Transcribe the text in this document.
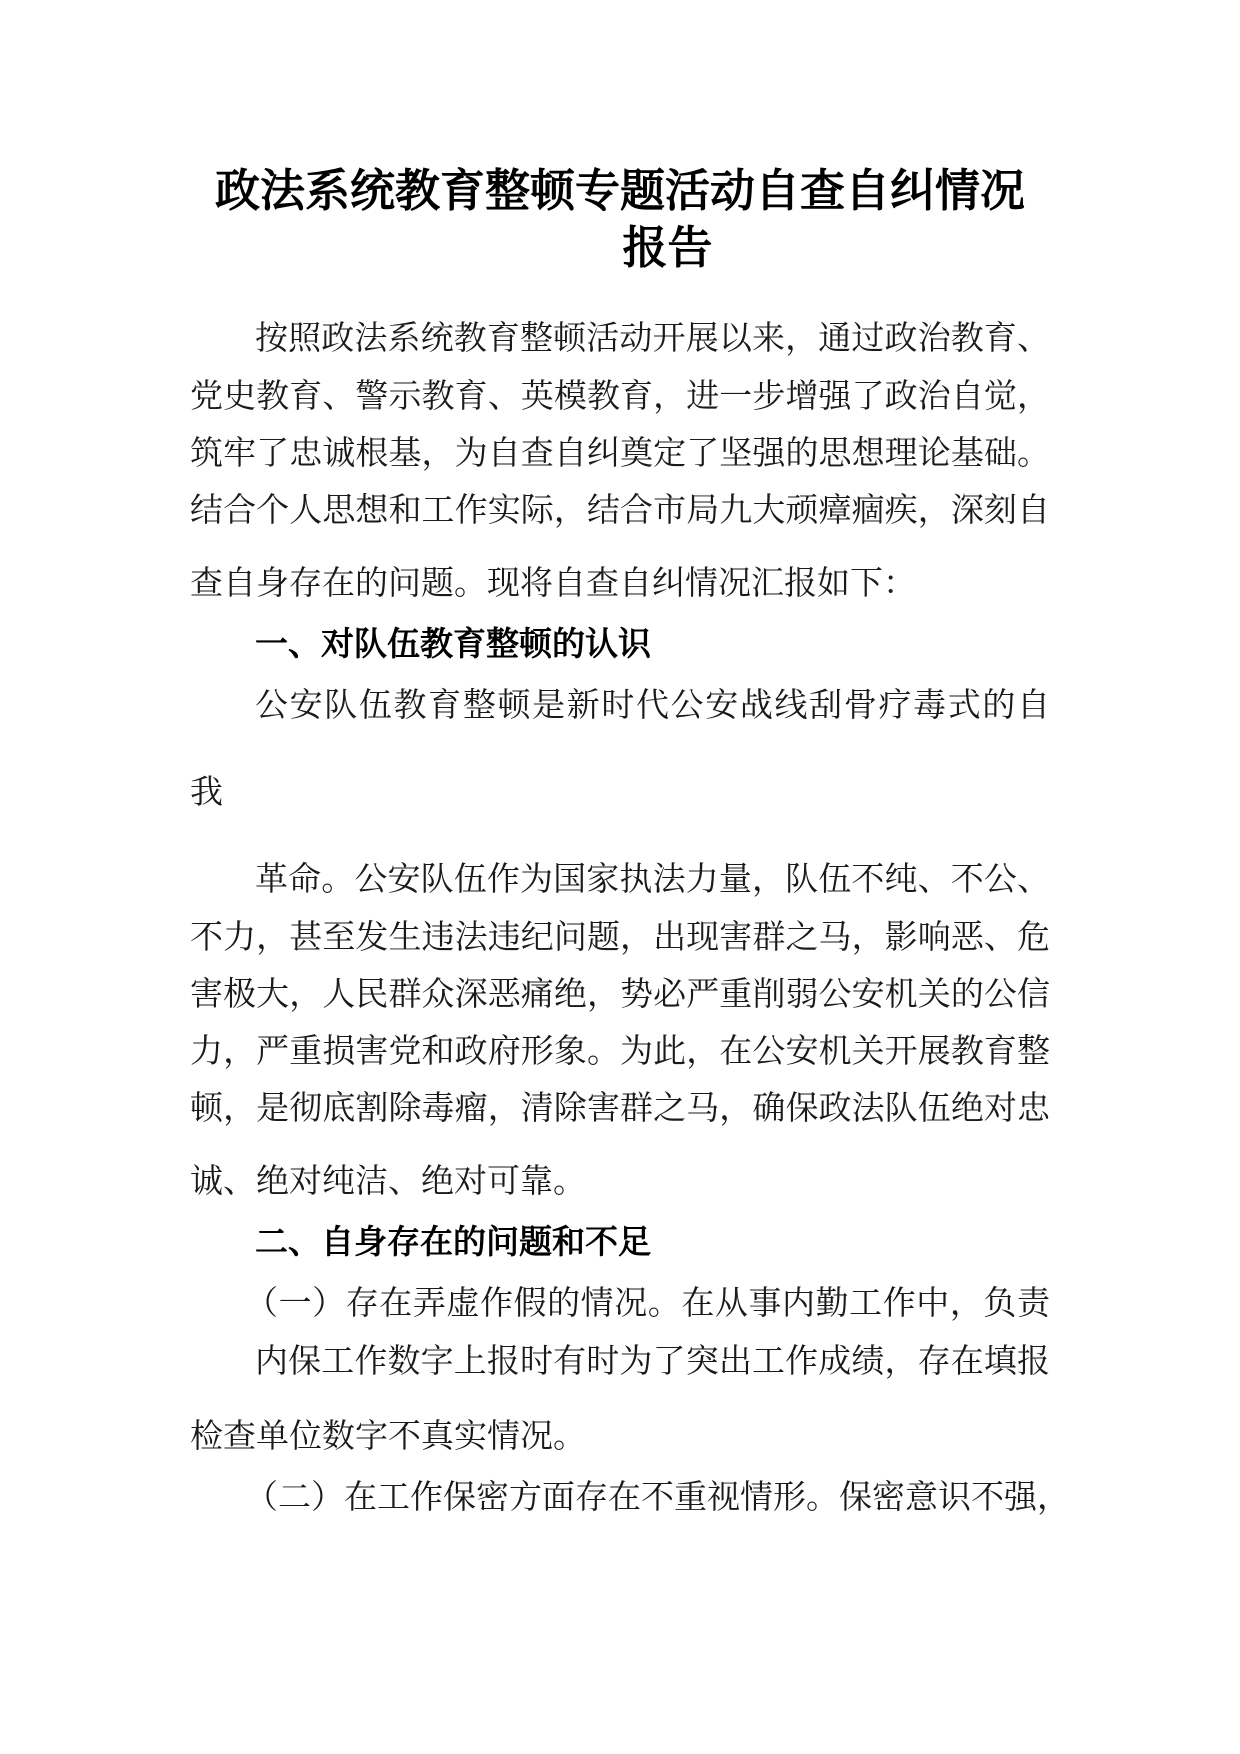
政法系统教育整顿专题活动自查自纠情况
报告
按照政法系统教育整顿活动开展以来，通过政治教育、
党史教育、警示教育、英模教育，进一步增强了政治自觉，
筑牢了忠诚根基，为自查自纠奠定了坚强的思想理论基础。
结合个人思想和工作实际，结合市局九大顽瘴痼疾，深刻自
查自身存在的问题。现将自查自纠情况汇报如下：
一、对队伍教育整顿的认识
公安队伍教育整顿是新时代公安战线刮骨疗毒式的自
我
革命。公安队伍作为国家执法力量，队伍不纯、不公、
不力，甚至发生违法违纪问题，出现害群之马，影响恶、危
害极大，人民群众深恶痛绝，势必严重削弱公安机关的公信
力，严重损害党和政府形象。为此，在公安机关开展教育整
顿，是彻底割除毒瘤，清除害群之马，确保政法队伍绝对忠
诚、绝对纯洁、绝对可靠。
二、自身存在的问题和不足
（一）存在弄虚作假的情况。在从事内勤工作中，负责
内保工作数字上报时有时为了突出工作成绩，存在填报
检查单位数字不真实情况。
（二）在工作保密方面存在不重视情形。保密意识不强，
